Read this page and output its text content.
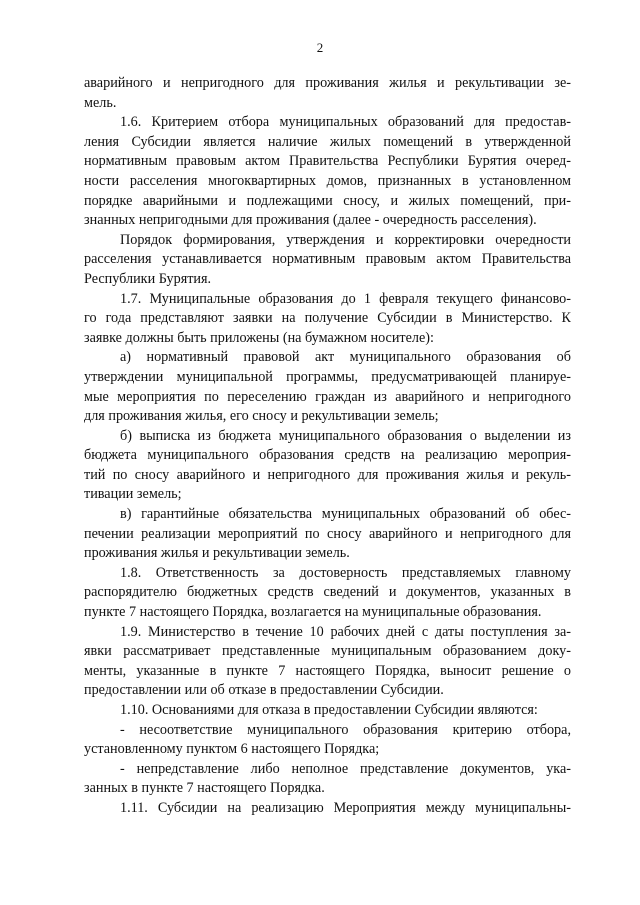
2
аварийного и непригодного для проживания жилья и рекультивации зе-
мель.
1.6. Критерием отбора муниципальных образований для предостав-
ления Субсидии является наличие жилых помещений в утвержденной
нормативным правовым актом Правительства Республики Бурятия очеред-
ности расселения многоквартирных домов, признанных в установленном
порядке аварийными и подлежащими сносу, и жилых помещений, при-
знанных непригодными для проживания (далее - очередность расселения).
Порядок формирования, утверждения и корректировки очередности
расселения устанавливается нормативным правовым актом Правительства
Республики Бурятия.
1.7. Муниципальные образования до 1 февраля текущего финансово-
го года представляют заявки на получение Субсидии в Министерство. К
заявке должны быть приложены (на бумажном носителе):
а) нормативный правовой акт муниципального образования об
утверждении муниципальной программы, предусматривающей планируе-
мые мероприятия по переселению граждан из аварийного и непригодного
для проживания жилья, его сносу и рекультивации земель;
б) выписка из бюджета муниципального образования о выделении из
бюджета муниципального образования средств на реализацию мероприя-
тий по сносу аварийного и непригодного для проживания жилья и рекуль-
тивации земель;
в) гарантийные обязательства муниципальных образований об обес-
печении реализации мероприятий по сносу аварийного и непригодного для
проживания жилья и рекультивации земель.
1.8. Ответственность за достоверность представляемых главному
распорядителю бюджетных средств сведений и документов, указанных в
пункте 7 настоящего Порядка, возлагается на муниципальные образования.
1.9. Министерство в течение 10 рабочих дней с даты поступления за-
явки рассматривает представленные муниципальным образованием доку-
менты, указанные в пункте 7 настоящего Порядка, выносит решение о
предоставлении или об отказе в предоставлении Субсидии.
1.10. Основаниями для отказа в предоставлении Субсидии являются:
- несоответствие муниципального образования критерию отбора,
установленному пунктом 6 настоящего Порядка;
- непредставление либо неполное представление документов, ука-
занных в пункте 7 настоящего Порядка.
1.11. Субсидии на реализацию Мероприятия между муниципальны-
